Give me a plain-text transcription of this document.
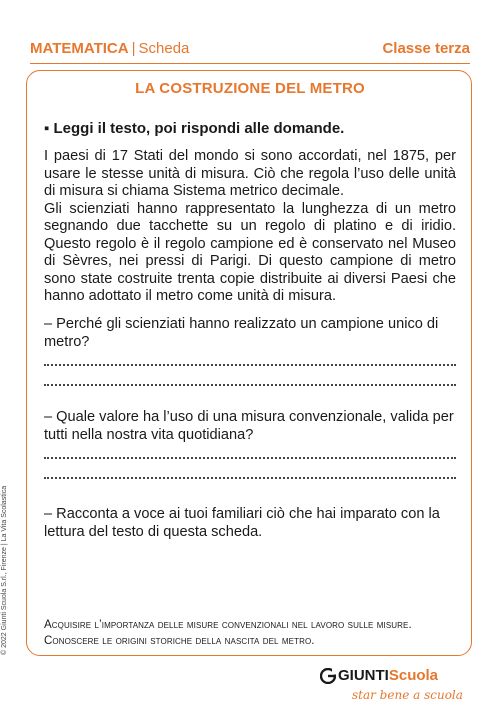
MATEMATICA | Scheda	Classe terza
LA COSTRUZIONE DEL METRO
▪ Leggi il testo, poi rispondi alle domande.

I paesi di 17 Stati del mondo si sono accordati, nel 1875, per usare le stesse unità di misura. Ciò che regola l’uso delle unità di misura si chiama Sistema metrico decimale.

Gli scienziati hanno rappresentato la lunghezza di un metro segnando due tacchette su un regolo di platino e di iridio. Questo regolo è il regolo campione ed è conservato nel Museo di Sèvres, nei pressi di Parigi. Di questo campione di metro sono state costruite trenta copie distribuite ai diversi Paesi che hanno adottato il metro come unità di misura.

– Perché gli scienziati hanno realizzato un campione unico di metro?
– Quale valore ha l’uso di una misura convenzionale, valida per tutti nella nostra vita quotidiana?
– Racconta a voce ai tuoi familiari ciò che hai imparato con la lettura del testo di questa scheda.
Acquisire l’importanza delle misure convenzionali nel lavoro sulle misure. Conoscere le origini storiche della nascita del metro.
© 2022 Giunti Scuola S.rl., Firenze | La Vita Scolastica
GIUNTIScuola
star bene a scuola
